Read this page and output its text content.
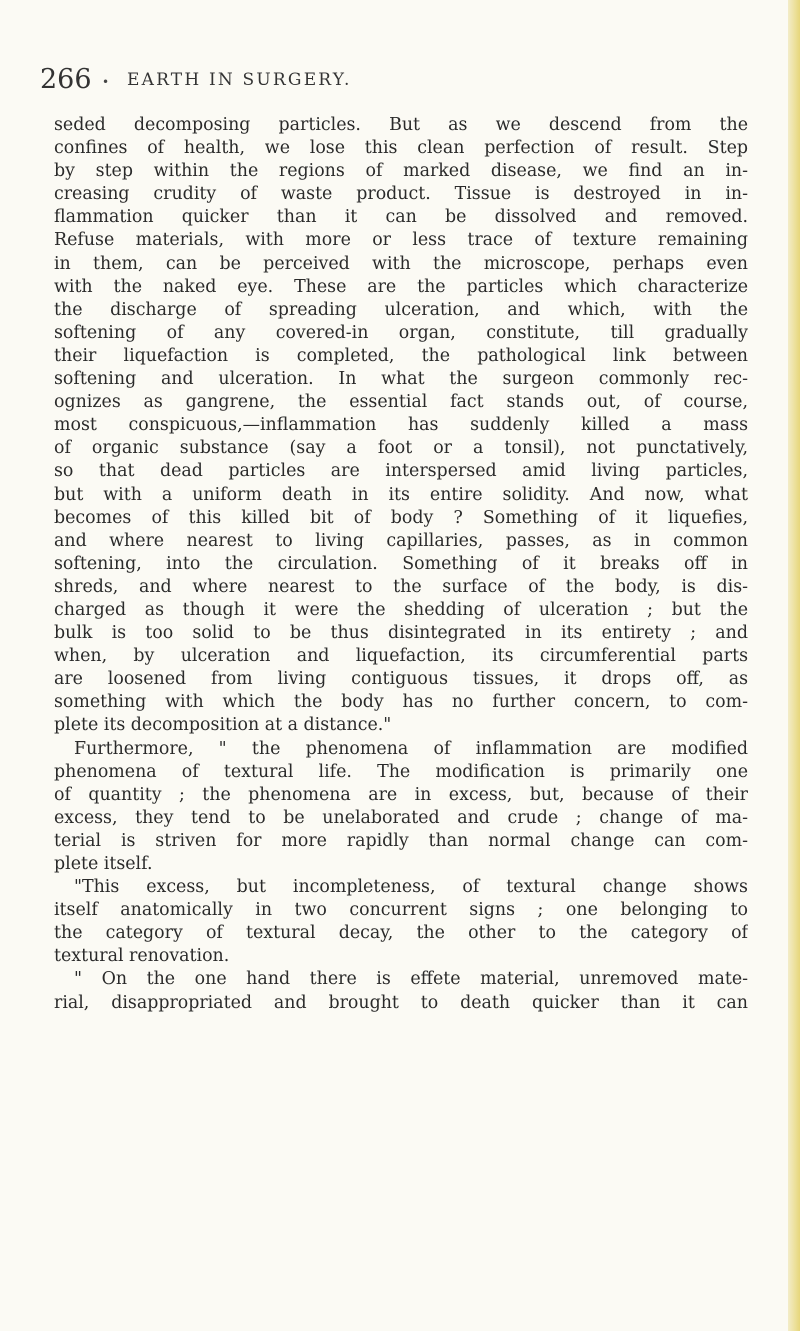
266 • EARTH IN SURGERY.
seded decomposing particles. But as we descend from the
confines of health, we lose this clean perfection of result. Step
by step within the regions of marked disease, we find an in-
creasing crudity of waste product. Tissue is destroyed in in-
flammation quicker than it can be dissolved and removed.
Refuse materials, with more or less trace of texture remaining
in them, can be perceived with the microscope, perhaps even
with the naked eye. These are the particles which characterize
the discharge of spreading ulceration, and which, with the
softening of any covered-in organ, constitute, till gradually
their liquefaction is completed, the pathological link between
softening and ulceration. In what the surgeon commonly rec-
ognizes as gangrene, the essential fact stands out, of course,
most conspicuous,—inflammation has suddenly killed a mass
of organic substance (say a foot or a tonsil), not punctatively,
so that dead particles are interspersed amid living particles,
but with a uniform death in its entire solidity. And now, what
becomes of this killed bit of body ? Something of it liquefies,
and where nearest to living capillaries, passes, as in common
softening, into the circulation. Something of it breaks off in
shreds, and where nearest to the surface of the body, is dis-
charged as though it were the shedding of ulceration ; but the
bulk is too solid to be thus disintegrated in its entirety ; and
when, by ulceration and liquefaction, its circumferential parts
are loosened from living contiguous tissues, it drops off, as
something with which the body has no further concern, to com-
plete its decomposition at a distance."
Furthermore, " the phenomena of inflammation are modified
phenomena of textural life. The modification is primarily one
of quantity ; the phenomena are in excess, but, because of their
excess, they tend to be unelaborated and crude ; change of ma-
terial is striven for more rapidly than normal change can com-
plete itself.
"This excess, but incompleteness, of textural change shows
itself anatomically in two concurrent signs ; one belonging to
the category of textural decay, the other to the category of
textural renovation.
" On the one hand there is effete material, unremoved mate-
rial, disappropriated and brought to death quicker than it can
